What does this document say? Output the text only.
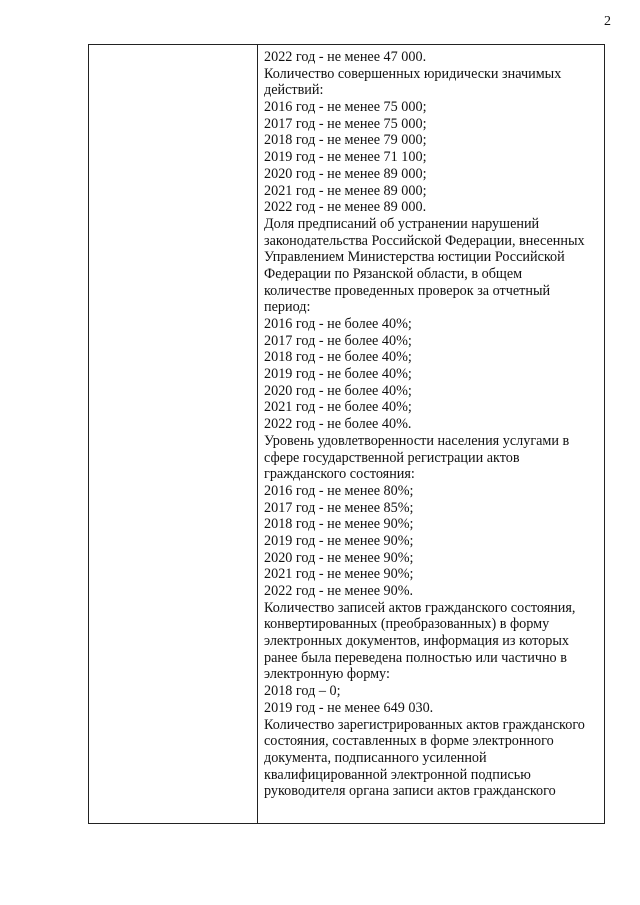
2
2022 год - не менее 47 000.
Количество совершенных юридически значимых
действий:
2016 год - не менее 75 000;
2017 год - не менее 75 000;
2018 год - не менее 79 000;
2019 год - не менее 71 100;
2020 год - не менее 89 000;
2021 год - не менее 89 000;
2022 год - не менее 89 000.
Доля предписаний об устранении нарушений
законодательства Российской Федерации, внесенных
Управлением Министерства юстиции Российской
Федерации по Рязанской области, в общем
количестве проведенных проверок за отчетный
период:
2016 год - не более 40%;
2017 год - не более 40%;
2018 год - не более 40%;
2019 год - не более 40%;
2020 год - не более 40%;
2021 год - не более 40%;
2022 год - не более 40%.
Уровень удовлетворенности населения услугами в
сфере государственной регистрации актов
гражданского состояния:
2016 год - не менее 80%;
2017 год - не менее 85%;
2018 год - не менее 90%;
2019 год - не менее 90%;
2020 год - не менее 90%;
2021 год - не менее 90%;
2022 год - не менее 90%.
Количество записей актов гражданского состояния,
конвертированных (преобразованных) в форму
электронных документов, информация из которых
ранее была переведена полностью или частично в
электронную форму:
2018 год – 0;
2019 год - не менее 649 030.
Количество зарегистрированных актов гражданского
состояния, составленных в форме электронного
документа, подписанного усиленной
квалифицированной электронной подписью
руководителя органа записи актов гражданского
